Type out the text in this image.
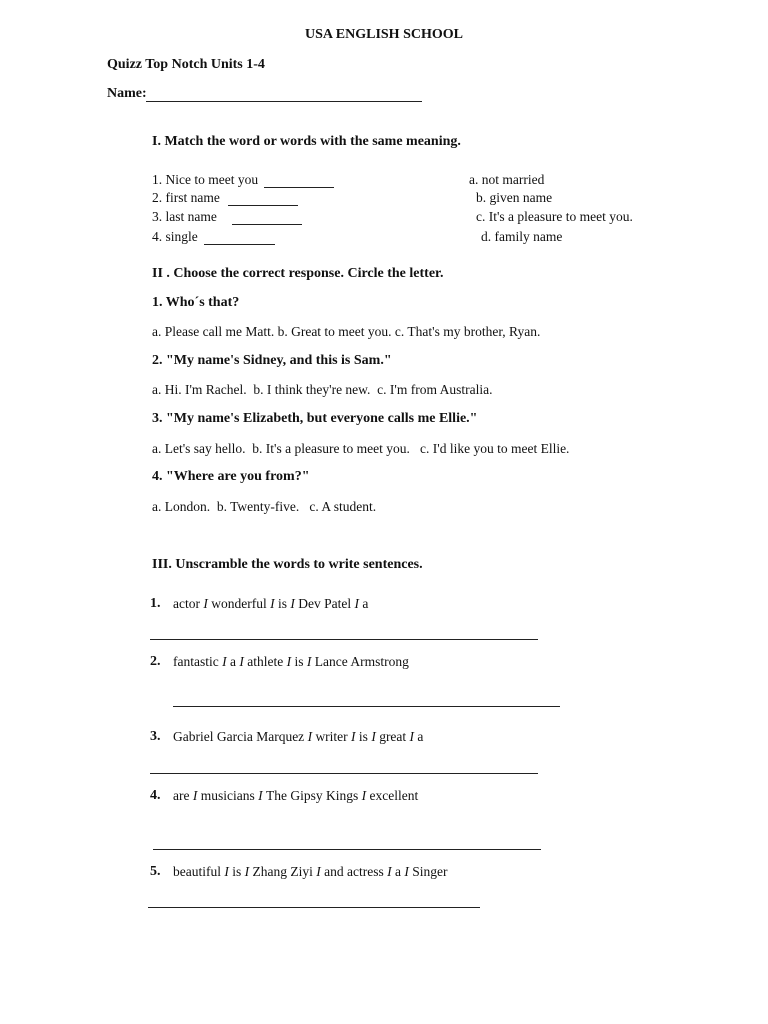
USA ENGLISH SCHOOL
Quizz Top Notch Units 1-4
Name:
I. Match the word or words with the same meaning.
1. Nice to meet you	a. not married
2. first name	b. given name
3. last name	c. It's a pleasure to meet you.
4. single	d. family name
II . Choose the correct response. Circle the letter.
1. Who´s that?
a. Please call me Matt. b. Great to meet you. c. That's my brother, Ryan.
2. "My name's Sidney, and this is Sam."
a. Hi. I'm Rachel.  b. I think they're new.  c. I'm from Australia.
3. "My name's Elizabeth, but everyone calls me Ellie."
a. Let's say hello.  b. It's a pleasure to meet you.   c. I'd like you to meet Ellie.
4. "Where are you from?"
a. London.  b. Twenty-five.   c. A student.
III. Unscramble the words to write sentences.
1. actor I wonderful I is I Dev Patel I a
2. fantastic I a I athlete I is I Lance Armstrong
3. Gabriel Garcia Marquez I writer I is I great I a
4. are I musicians I The Gipsy Kings I excellent
5. beautiful I is I Zhang Ziyi I and actress I a I Singer
